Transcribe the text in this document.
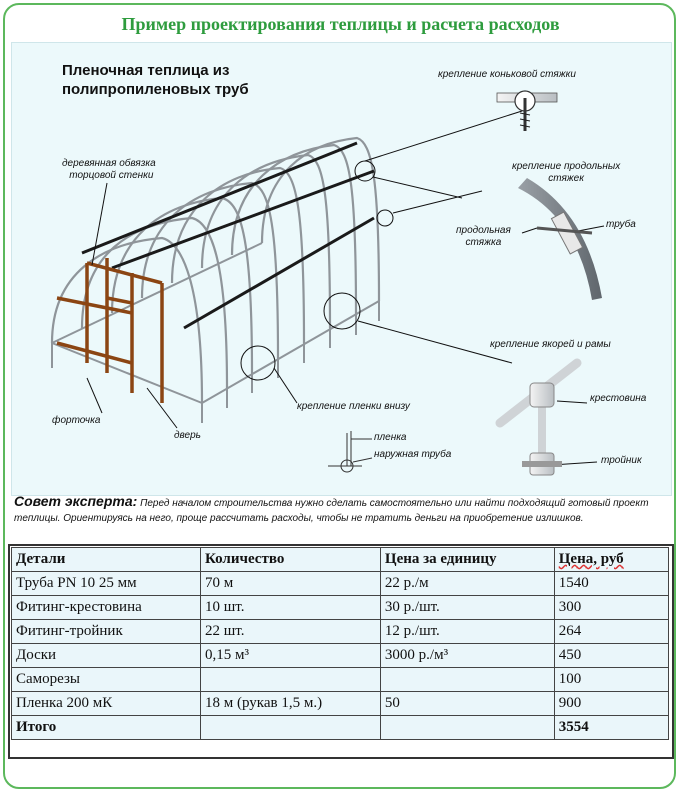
Пример проектирования теплицы и расчета расходов
Пленочная теплица из
полипропиленовых труб
крепление коньковой стяжки
деревянная обвязка
торцовой стенки
крепление продольных
стяжек
продольная
стяжка
труба
крепление якорей и рамы
крестовина
крепление пленки внизу
форточка
дверь	пленка
наружная труба
тройник
Совет эксперта: Перед началом строительства нужно сделать самостоятельно или найти подходящий готовый проект теплицы. Ориентируясь на него, проще рассчитать расходы, чтобы не тратить деньги на приобретение излишков.
Детали	Количество	Цена за единицу	Цена, руб
Труба PN 10 25 мм	70 м	22 р./м	1540
Фитинг-крестовина	10 шт.	30 р./шт.	300
Фитинг-тройник	22 шт.	12 р./шт.	264
Доски	0,15 м³	3000 р./м³	450
Саморезы			100
Пленка 200 мК	18 м (рукав 1,5 м.)	50	900
Итого			3554
